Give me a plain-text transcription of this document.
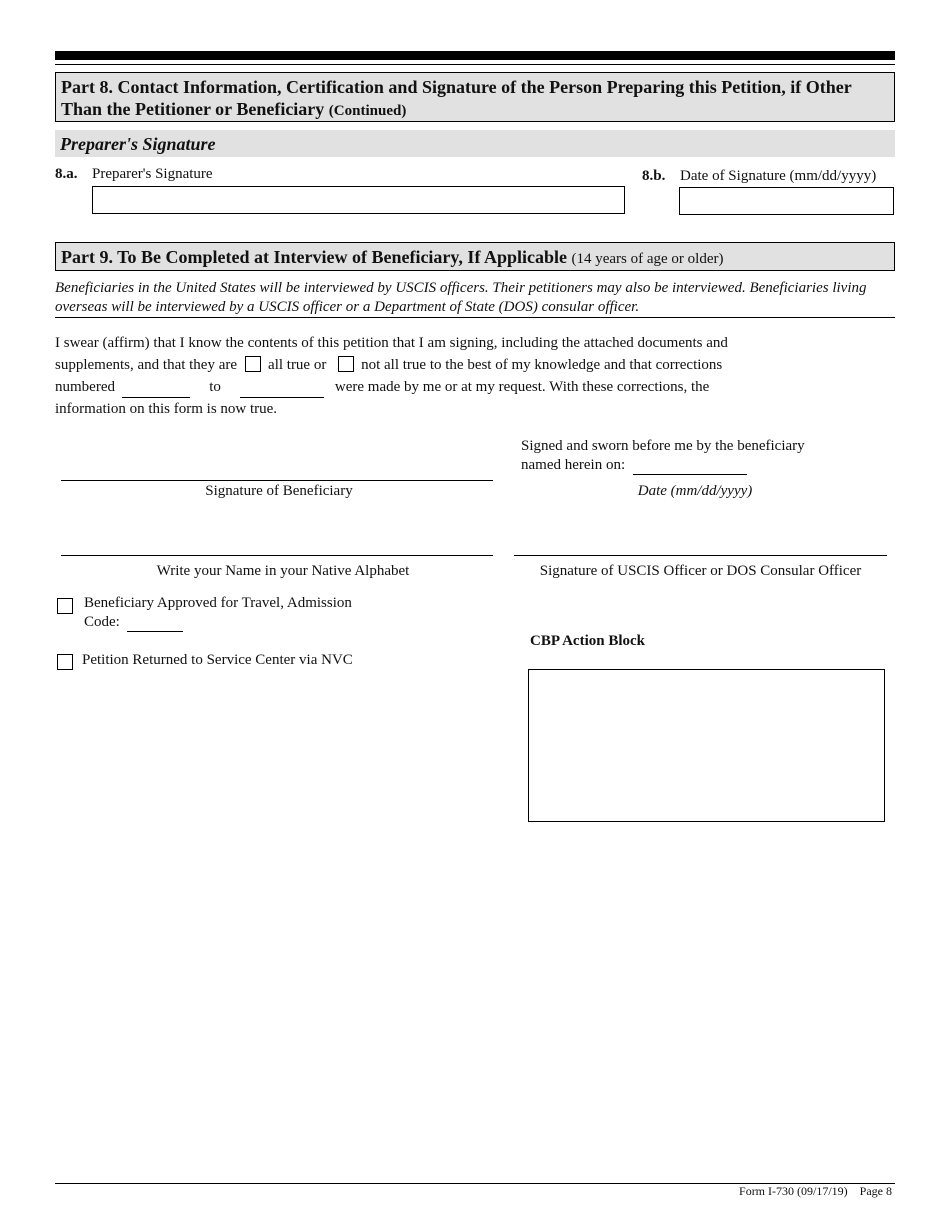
Part 8. Contact Information, Certification and Signature of the Person Preparing this Petition, if Other Than the Petitioner or Beneficiary (Continued)
Preparer's Signature
8.a. Preparer's Signature	8.b. Date of Signature (mm/dd/yyyy)
Part 9. To Be Completed at Interview of Beneficiary, If Applicable (14 years of age or older)
Beneficiaries in the United States will be interviewed by USCIS officers. Their petitioners may also be interviewed. Beneficiaries living overseas will be interviewed by a USCIS officer or a Department of State (DOS) consular officer.
I swear (affirm) that I know the contents of this petition that I am signing, including the attached documents and
supplements, and that they are all true or not all true to the best of my knowledge and that corrections
numbered	to	were made by me or at my request. With these corrections, the
information on this form is now true.
Signed and sworn before me by the beneficiary
named herein on:
Date (mm/dd/yyyy)
Signature of Beneficiary
Write your Name in your Native Alphabet	Signature of USCIS Officer or DOS Consular Officer
Beneficiary Approved for Travel, Admission
Code:
Petition Returned to Service Center via NVC
CBP Action Block
Form I-730 (09/17/19) Page 8
